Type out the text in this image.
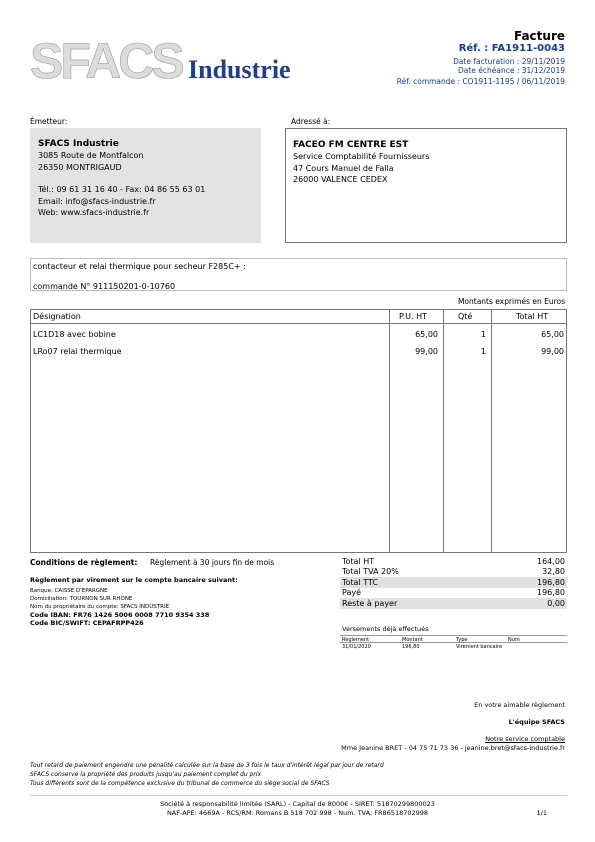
SFACS Industrie
Facture
Réf. : FA1911-0043
Date facturation : 29/11/2019
Date échéance : 31/12/2019
Réf. commande : CO1911-1195 / 06/11/2019
Émetteur:
SFACS Industrie
3085 Route de Montfalcon
26350 MONTRIGAUD
Tél.: 09 61 31 16 40 - Fax: 04 86 55 63 01
Email: info@sfacs-industrie.fr
Web: www.sfacs-industrie.fr
Adressé à:
FACEO FM CENTRE EST
Service Comptabilité Fournisseurs
47 Cours Manuel de Falla
26000 VALENCE CEDEX
contacteur et relai thermique pour secheur F285C+ :
commande N° 911150201-0-10760
Montants exprimés en Euros
Désignation	P.U. HT	Qté	Total HT
LC1D18 avec bobine	65,00	1	65,00
LRo07 relai thermique	99,00	1	99,00
Conditions de règlement: Règlement à 30 jours fin de mois
Règlement par virement sur le compte bancaire suivant:
Banque: CAISSE D'EPARGNE
Domiciliation: TOURNON SUR RHONE
Nom du propriétaire du compte: SFACS INDUSTRIE
Code IBAN: FR76 1426 5006 0008 7710 9354 338
Code BIC/SWIFT: CEPAFRPP426
Total HT	164,00
Total TVA 20%	32,80
Total TTC	196,80
Payé	196,80
Reste à payer	0,00
Versements déjà effectués
Règlement	Montant	Type	Num
31/01/2020	196,80	Virement bancaire
En votre aimable règlement
L'équipe SFACS
Notre service comptable
Mme Jeanine BRET - 04 75 71 73 36 - jeanine.bret@sfacs-industrie.fr
Tout retard de paiement engendre une pénalité calculée sur la base de 3 fois le taux d'intérêt légal par jour de retard
SFACS conserve la propriété des produits jusqu'au paiement complet du prix
Tous différents sont de la compétence exclusive du tribunal de commerce du siège social de SFACS
Société à responsabilité limitée (SARL) - Capital de 8000€ - SIRET: 51870299800023
NAF-APE: 4669A - RCS/RM: Romans B 518 702 998 - Num. TVA: FR86518702998	1/1
